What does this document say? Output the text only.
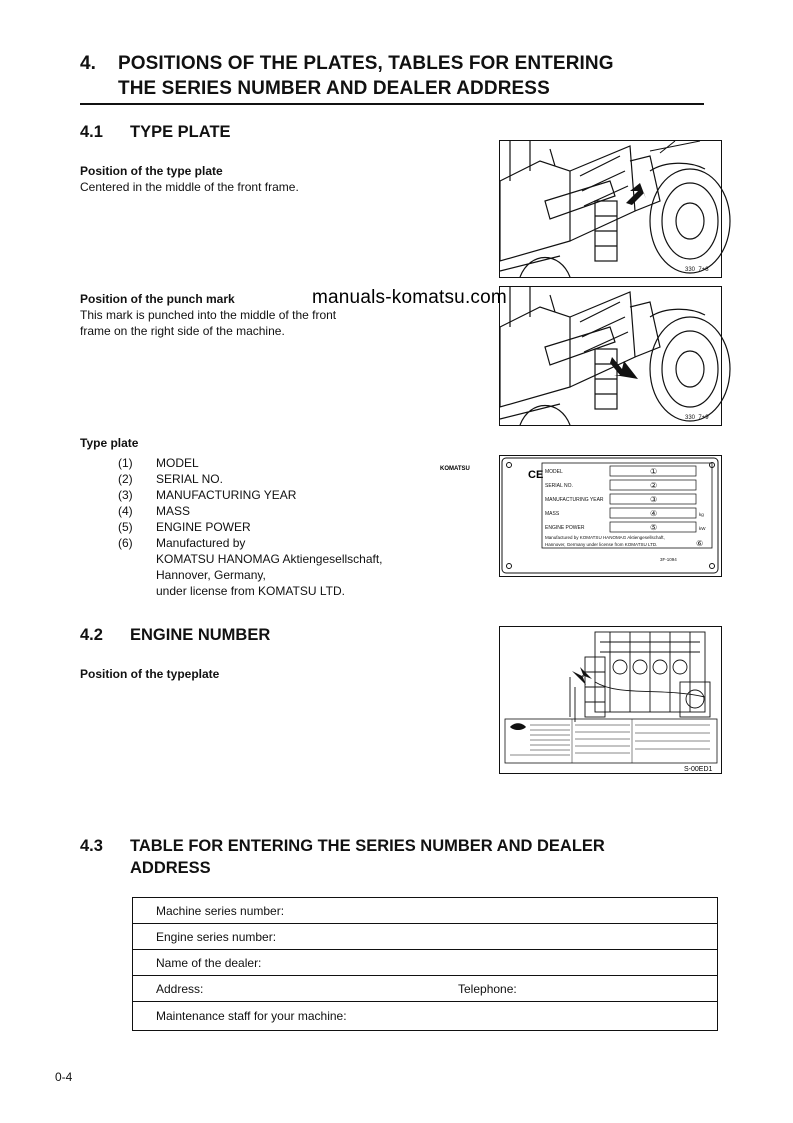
4. POSITIONS OF THE PLATES, TABLES FOR ENTERING
THE SERIES NUMBER AND DEALER ADDRESS
4.1 TYPE PLATE
Position of the type plate
Centered in the middle of the front frame.
330_7+8
Position of the punch mark
This mark is punched into the middle of the front
frame on the right side of the machine.
330_7+9
Type plate
(1)	MODEL
(2)	SERIAL NO.
(3)	MANUFACTURING YEAR
(4)	MASS
(5)	ENGINE POWER
(6)	Manufactured by
KOMATSU HANOMAG Aktiengesellschaft,
Hannover, Germany,
under license from KOMATSU LTD.
CE
KOMATSU	MODEL
SERIAL NO.
MANUFACTURING YEAR
MASS
ENGINE POWER
①
②
③
④
⑤
⑥
kg
kW
Manufactured by KOMATSU HANOMAG Aktiengesellschaft,
Hannover, Germany under license from KOMATSU LTD.
3F-1094
4.2 ENGINE NUMBER
Position of the typeplate
S-00ED1
4.3 TABLE FOR ENTERING THE SERIES NUMBER AND DEALER
ADDRESS
Machine series number:
Engine series number:
Name of the dealer:
Address:	Telephone:
Maintenance staff for your machine:
manuals-komatsu.com
0-4
